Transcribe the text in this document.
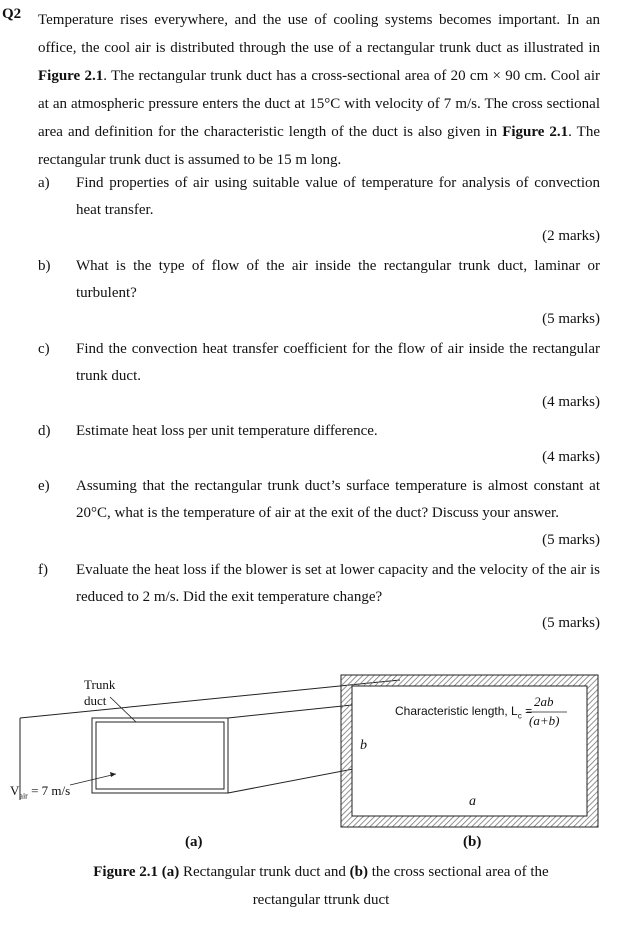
Q2 Temperature rises everywhere, and the use of cooling systems becomes important. In an office, the cool air is distributed through the use of a rectangular trunk duct as illustrated in Figure 2.1. The rectangular trunk duct has a cross-sectional area of 20 cm × 90 cm. Cool air at an atmospheric pressure enters the duct at 15°C with velocity of 7 m/s. The cross sectional area and definition for the characteristic length of the duct is also given in Figure 2.1. The rectangular trunk duct is assumed to be 15 m long.
a)	Find properties of air using suitable value of temperature for analysis of convection heat transfer.
(2 marks)
b)	What is the type of flow of the air inside the rectangular trunk duct, laminar or turbulent?
(5 marks)
c)	Find the convection heat transfer coefficient for the flow of air inside the rectangular trunk duct.
(4 marks)
d)	Estimate heat loss per unit temperature difference.
(4 marks)
e)	Assuming that the rectangular trunk duct’s surface temperature is almost constant at 20°C, what is the temperature of air at the exit of the duct? Discuss your answer.
(5 marks)
f)	Evaluate the heat loss if the blower is set at lower capacity and the velocity of the air is reduced to 2 m/s. Did the exit temperature change?
(5 marks)
Trunk
duct
$V_{air} = 7$ m/s
Characteristic length, $L_c$ =
2ab
(a+b)
b
a
(a)	(b)
Figure 2.1 (a) Rectangular trunk duct and (b) the cross sectional area of the
rectangular ttrunk duct
